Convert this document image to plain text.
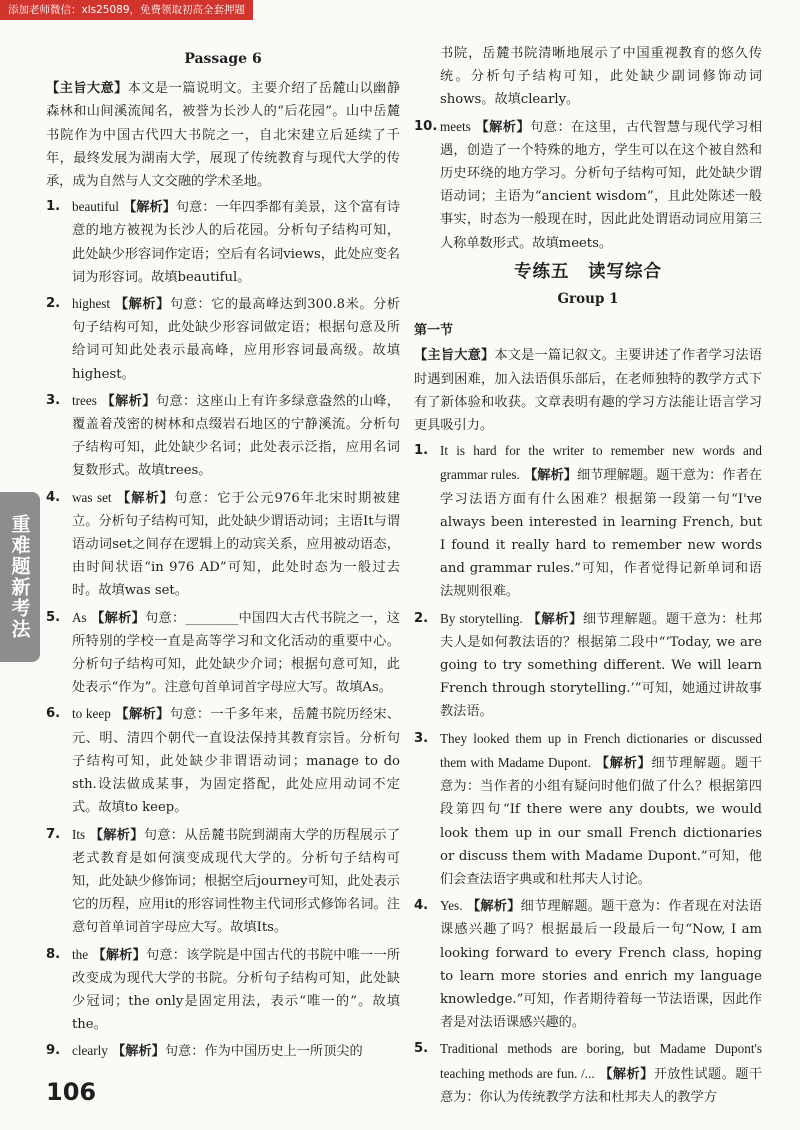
添加老师微信：xls25089，免费领取初高全套押题
重难题新考法
Passage 6
【主旨大意】本文是一篇说明文。主要介绍了岳麓山以幽静森林和山间溪流闻名，被誉为长沙人的“后花园”。山中岳麓书院作为中国古代四大书院之一，自北宋建立后延续了千年，最终发展为湖南大学，展现了传统教育与现代大学的传承，成为自然与人文交融的学术圣地。
1. beautiful 【解析】句意：一年四季都有美景，这个富有诗意的地方被视为长沙人的后花园。分析句子结构可知，此处缺少形容词作定语；空后有名词views，此处应变名词为形容词。故填beautiful。
2. highest 【解析】句意：它的最高峰达到300.8米。分析句子结构可知，此处缺少形容词做定语；根据句意及所给词可知此处表示最高峰，应用形容词最高级。故填highest。
3. trees 【解析】句意：这座山上有许多绿意盎然的山峰，覆盖着茂密的树林和点缀岩石地区的宁静溪流。分析句子结构可知，此处缺少名词；此处表示泛指，应用名词复数形式。故填trees。
4. was set 【解析】句意：它于公元976年北宋时期被建立。分析句子结构可知，此处缺少谓语动词；主语It与谓语动词set之间存在逻辑上的动宾关系，应用被动语态，由时间状语“in 976 AD”可知，此处时态为一般过去时。故填was set。
5. As 【解析】句意：________中国四大古代书院之一，这所特别的学校一直是高等学习和文化活动的重要中心。分析句子结构可知，此处缺少介词；根据句意可知，此处表示“作为”。注意句首单词首字母应大写。故填As。
6. to keep 【解析】句意：一千多年来，岳麓书院历经宋、元、明、清四个朝代一直设法保持其教育宗旨。分析句子结构可知，此处缺少非谓语动词；manage to do sth.设法做成某事，为固定搭配，此处应用动词不定式。故填to keep。
7. Its 【解析】句意：从岳麓书院到湖南大学的历程展示了老式教育是如何演变成现代大学的。分析句子结构可知，此处缺少修饰词；根据空后journey可知，此处表示它的历程，应用it的形容词性物主代词形式修饰名词。注意句首单词首字母应大写。故填Its。
8. the 【解析】句意：该学院是中国古代的书院中唯一一所改变成为现代大学的书院。分析句子结构可知，此处缺少冠词；the only是固定用法，表示“唯一的”。故填the。
9. clearly 【解析】句意：作为中国历史上一所顶尖的
书院，岳麓书院清晰地展示了中国重视教育的悠久传统。分析句子结构可知，此处缺少副词修饰动词shows。故填clearly。
10. meets 【解析】句意：在这里，古代智慧与现代学习相遇，创造了一个特殊的地方，学生可以在这个被自然和历史环绕的地方学习。分析句子结构可知，此处缺少谓语动词；主语为“ancient wisdom”，且此处陈述一般事实，时态为一般现在时，因此此处谓语动词应用第三人称单数形式。故填meets。
专练五　读写综合
Group 1
第一节
【主旨大意】本文是一篇记叙文。主要讲述了作者学习法语时遇到困难，加入法语俱乐部后，在老师独特的教学方式下有了新体验和收获。文章表明有趣的学习方法能让语言学习更具吸引力。
1. It is hard for the writer to remember new words and grammar rules. 【解析】细节理解题。题干意为：作者在学习法语方面有什么困难？根据第一段第一句“I've always been interested in learning French, but I found it really hard to remember new words and grammar rules.”可知，作者觉得记新单词和语法规则很难。
2. By storytelling. 【解析】细节理解题。题干意为：杜邦夫人是如何教法语的？根据第二段中“‘Today, we are going to try something different. We will learn French through storytelling.’”可知，她通过讲故事教法语。
3. They looked them up in French dictionaries or discussed them with Madame Dupont. 【解析】细节理解题。题干意为：当作者的小组有疑问时他们做了什么？根据第四段第四句“If there were any doubts, we would look them up in our small French dictionaries or discuss them with Madame Dupont.”可知，他们会查法语字典或和杜邦夫人讨论。
4. Yes. 【解析】细节理解题。题干意为：作者现在对法语课感兴趣了吗？根据最后一段最后一句“Now, I am looking forward to every French class, hoping to learn more stories and enrich my language knowledge.”可知，作者期待着每一节法语课，因此作者是对法语课感兴趣的。
5. Traditional methods are boring, but Madame Dupont's teaching methods are fun. /... 【解析】开放性试题。题干意为：你认为传统教学方法和杜邦夫人的教学方
106
